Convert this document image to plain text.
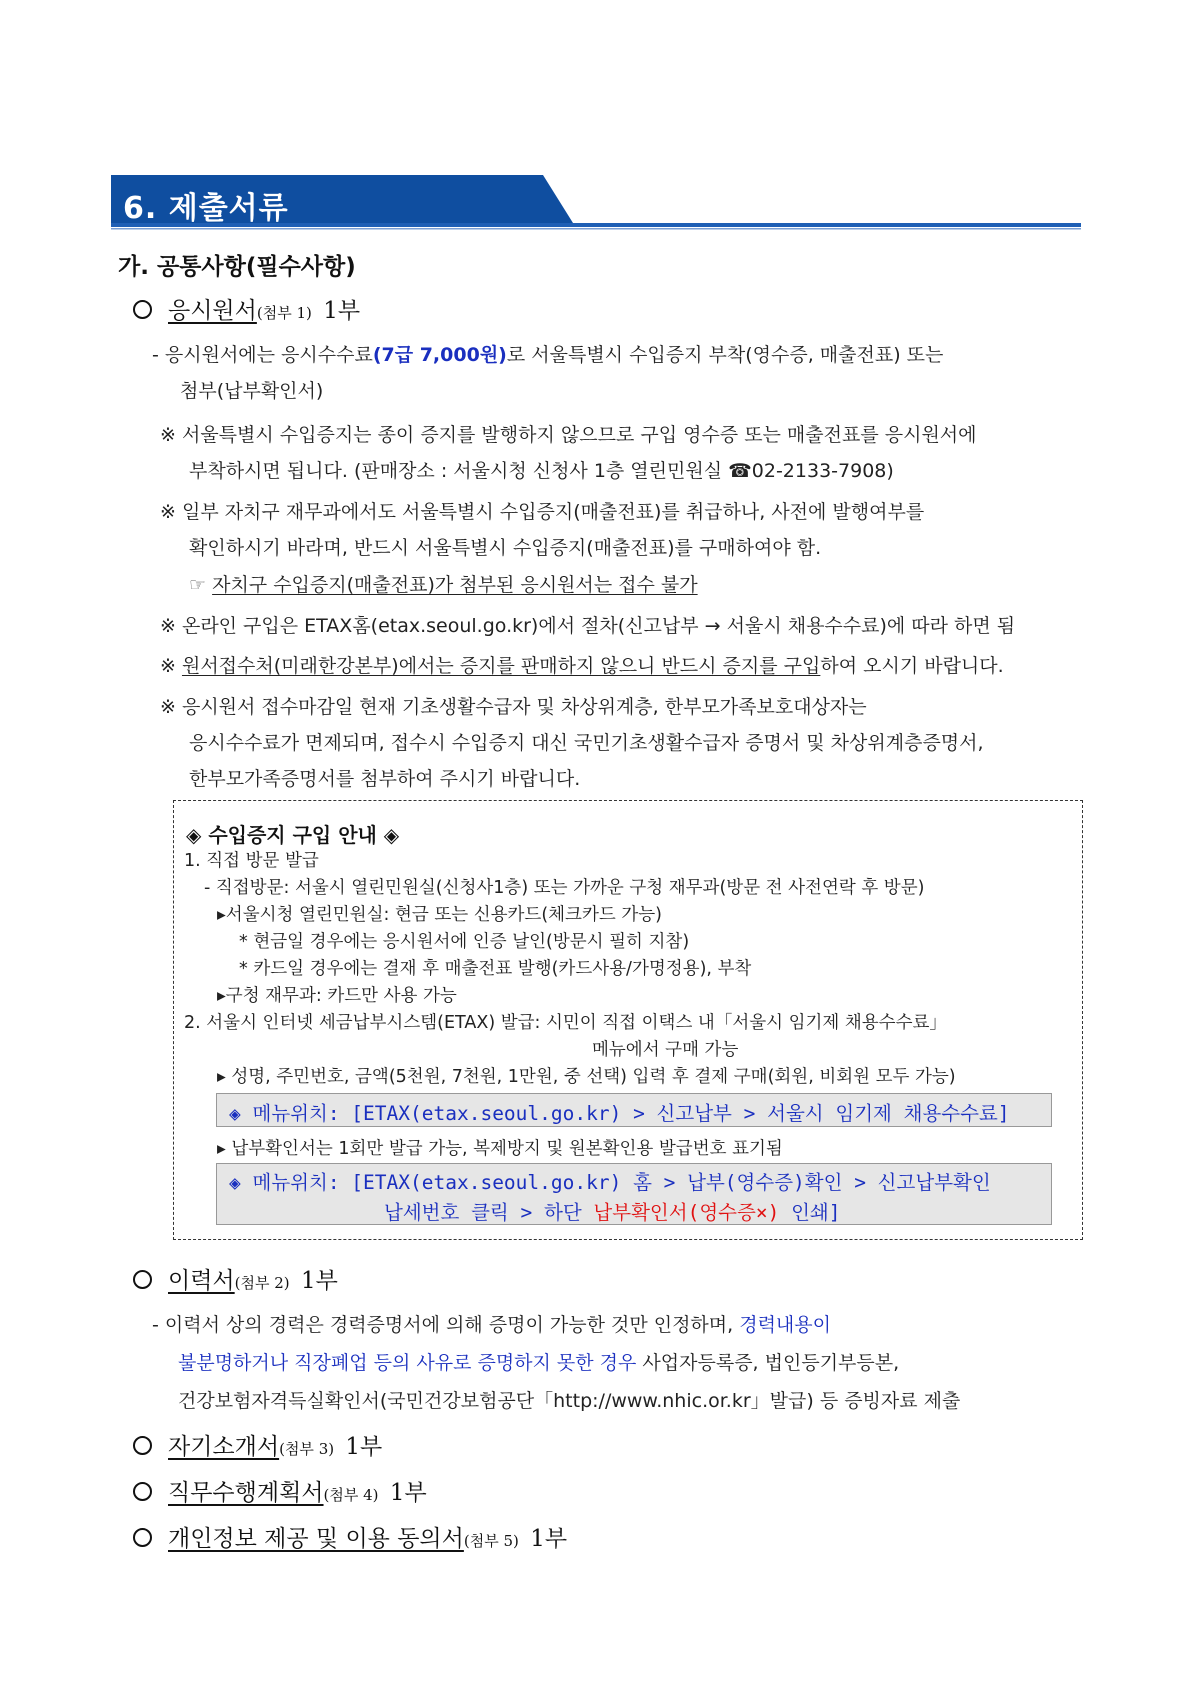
6. 제출서류
가. 공통사항(필수사항)
응시원서(첨부 1) 1부
- 응시원서에는 응시수수료(7급 7,000원)로 서울특별시 수입증지 부착(영수증, 매출전표) 또는
첨부(납부확인서)
※ 서울특별시 수입증지는 종이 증지를 발행하지 않으므로 구입 영수증 또는 매출전표를 응시원서에
부착하시면 됩니다. (판매장소 : 서울시청 신청사 1층 열린민원실 ☎02-2133-7908)
※ 일부 자치구 재무과에서도 서울특별시 수입증지(매출전표)를 취급하나, 사전에 발행여부를
확인하시기 바라며, 반드시 서울특별시 수입증지(매출전표)를 구매하여야 함.
☞ 자치구 수입증지(매출전표)가 첨부된 응시원서는 접수 불가
※ 온라인 구입은 ETAX홈(etax.seoul.go.kr)에서 절차(신고납부 → 서울시 채용수수료)에 따라 하면 됨
※ 원서접수처(미래한강본부)에서는 증지를 판매하지 않으니 반드시 증지를 구입하여 오시기 바랍니다.
※ 응시원서 접수마감일 현재 기초생활수급자 및 차상위계층, 한부모가족보호대상자는
응시수수료가 면제되며, 접수시 수입증지 대신 국민기초생활수급자 증명서 및 차상위계층증명서,
한부모가족증명서를 첨부하여 주시기 바랍니다.
◈ 수입증지 구입 안내 ◈
1. 직접 방문 발급
- 직접방문: 서울시 열린민원실(신청사1층) 또는 가까운 구청 재무과(방문 전 사전연락 후 방문)
▸서울시청 열린민원실: 현금 또는 신용카드(체크카드 가능)
* 현금일 경우에는 응시원서에 인증 날인(방문시 필히 지참)
* 카드일 경우에는 결재 후 매출전표 발행(카드사용/가명정용), 부착
▸구청 재무과: 카드만 사용 가능
2. 서울시 인터넷 세금납부시스템(ETAX) 발급: 시민이 직접 이택스 내「서울시 임기제 채용수수료」
메뉴에서 구매 가능
▸ 성명, 주민번호, 금액(5천원, 7천원, 1만원, 중 선택) 입력 후 결제 구매(회원, 비회원 모두 가능)
◈ 메뉴위치: [ETAX(etax.seoul.go.kr) > 신고납부 > 서울시 임기제 채용수수료]
▸ 납부확인서는 1회만 발급 가능, 복제방지 및 원본확인용 발급번호 표기됨
◈ 메뉴위치: [ETAX(etax.seoul.go.kr) 홈 > 납부(영수증)확인 > 신고납부확인
납세번호 클릭 > 하단 납부확인서(영수증×) 인쇄]
이력서(첨부 2) 1부
- 이력서 상의 경력은 경력증명서에 의해 증명이 가능한 것만 인정하며, 경력내용이
불분명하거나 직장폐업 등의 사유로 증명하지 못한 경우 사업자등록증, 법인등기부등본,
건강보험자격득실확인서(국민건강보험공단「http://www.nhic.or.kr」발급) 등 증빙자료 제출
자기소개서(첨부 3) 1부
직무수행계획서(첨부 4) 1부
개인정보 제공 및 이용 동의서(첨부 5) 1부
